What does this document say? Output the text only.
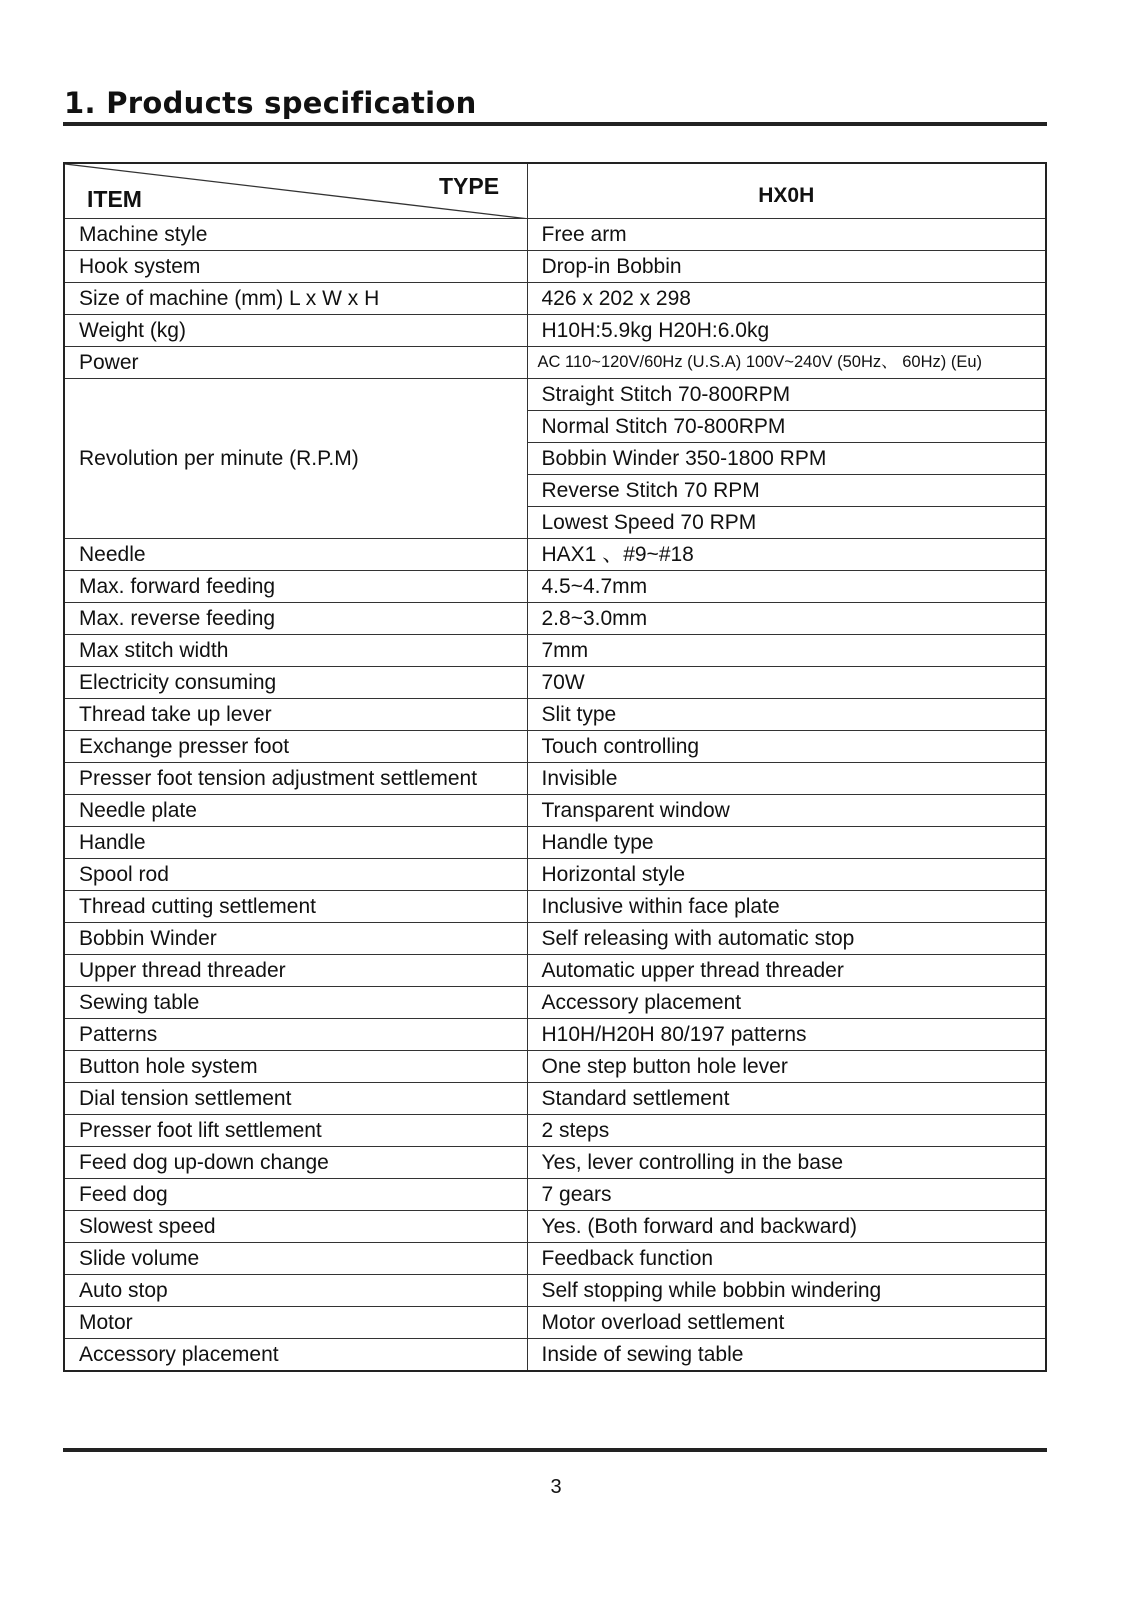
1. Products specification
ITEM TYPE	HX0H
Machine style	Free arm
Hook system	Drop-in Bobbin
Size of machine (mm) L x W x H	426 x 202 x 298
Weight (kg)	H10H:5.9kg H20H:6.0kg
Power	AC 110~120V/60Hz (U.S.A) 100V~240V (50Hz、 60Hz) (Eu)
Revolution per minute (R.P.M)	Straight Stitch 70-800RPM
	Normal Stitch 70-800RPM
	Bobbin Winder 350-1800 RPM
	Reverse Stitch 70 RPM
	Lowest Speed 70 RPM
Needle	HAX1 、#9~#18
Max. forward feeding	4.5~4.7mm
Max. reverse feeding	2.8~3.0mm
Max stitch width	7mm
Electricity consuming	70W
Thread take up lever	Slit type
Exchange presser foot	Touch controlling
Presser foot tension adjustment settlement	Invisible
Needle plate	Transparent window
Handle	Handle type
Spool rod	Horizontal style
Thread cutting settlement	Inclusive within face plate
Bobbin Winder	Self releasing with automatic stop
Upper thread threader	Automatic upper thread threader
Sewing table	Accessory placement
Patterns	H10H/H20H 80/197 patterns
Button hole system	One step button hole lever
Dial tension settlement	Standard settlement
Presser foot lift settlement	2 steps
Feed dog up-down change	Yes, lever controlling in the base
Feed dog	7 gears
Slowest speed	Yes. (Both forward and backward)
Slide volume	Feedback function
Auto stop	Self stopping while bobbin windering
Motor	Motor overload settlement
Accessory placement	Inside of sewing table
3
